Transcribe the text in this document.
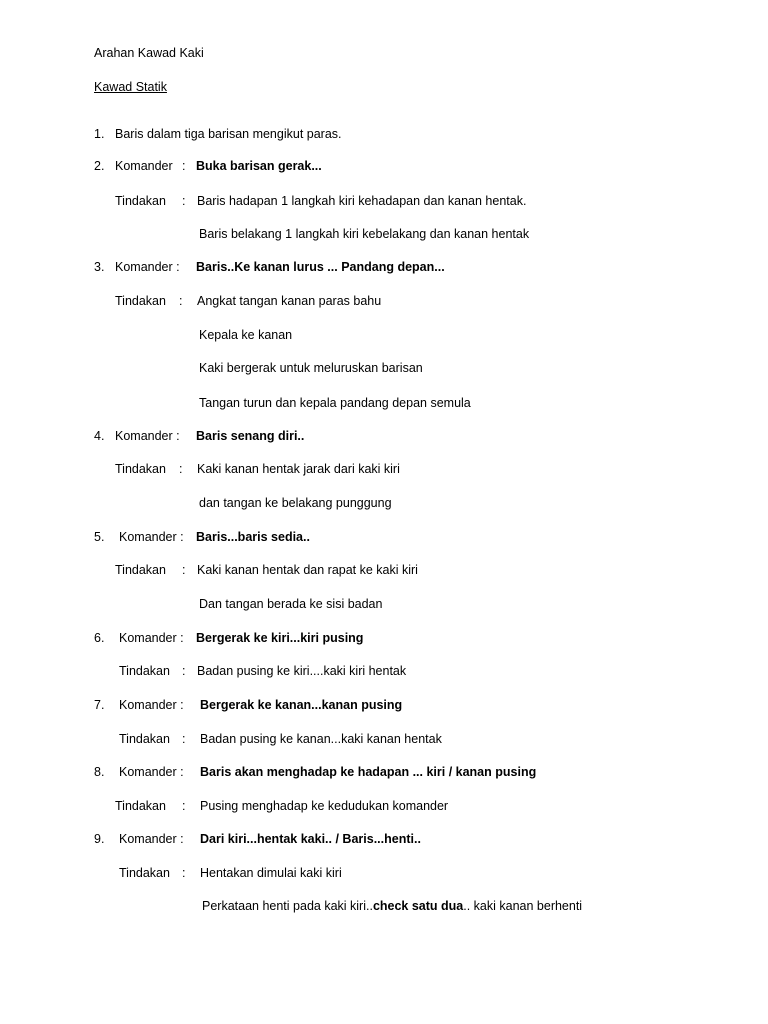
Arahan Kawad Kaki
Kawad Statik
1. Baris dalam tiga barisan mengikut paras.
2. Komander : Buka barisan gerak...
Tindakan : Baris hadapan 1 langkah kiri kehadapan dan kanan hentak.
Baris belakang 1 langkah kiri kebelakang dan kanan hentak
3. Komander : Baris..Ke kanan lurus ... Pandang depan...
Tindakan : Angkat tangan kanan paras bahu
Kepala ke kanan
Kaki bergerak untuk meluruskan barisan
Tangan turun dan kepala pandang depan semula
4. Komander : Baris senang diri..
Tindakan : Kaki kanan hentak jarak dari kaki kiri
dan tangan ke belakang punggung
5. Komander : Baris...baris sedia..
Tindakan : Kaki kanan hentak dan rapat ke kaki kiri
Dan tangan berada ke sisi badan
6. Komander : Bergerak ke kiri...kiri pusing
Tindakan : Badan pusing ke kiri....kaki kiri hentak
7. Komander : Bergerak ke kanan...kanan pusing
Tindakan : Badan pusing ke kanan...kaki kanan hentak
8. Komander : Baris akan menghadap ke hadapan ... kiri / kanan pusing
Tindakan : Pusing menghadap ke kedudukan komander
9. Komander : Dari kiri...hentak kaki.. / Baris...henti..
Tindakan : Hentakan dimulai kaki kiri
Perkataan henti pada kaki kiri..check satu dua.. kaki kanan berhenti
